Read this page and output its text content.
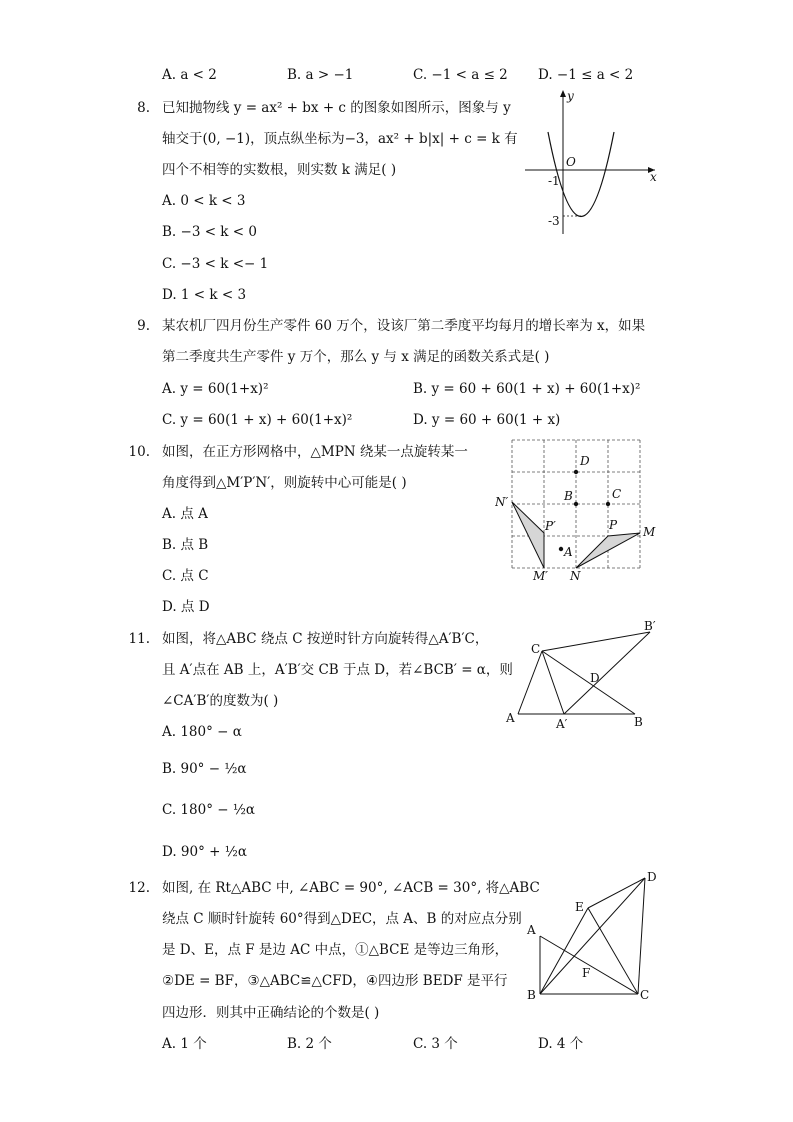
A. a < 2	B. a > −1	C. −1 < a ≤ 2 D. −1 ≤ a < 2
8. 已知抛物线 y = ax² + bx + c 的图象如图所示，图象与 y
轴交于(0, −1)，顶点纵坐标为−3，ax² + b|x| + c = k 有
四个不相等的实数根，则实数 k 满足( )
A. 0 < k < 3
B. −3 < k < 0
C. −3 < k <− 1
D. 1 < k < 3
y
x
O
-1
-3
9. 某农机厂四月份生产零件 60 万个，设该厂第二季度平均每月的增长率为 x，如果
第二季度共生产零件 y 万个，那么 y 与 x 满足的函数关系式是( )
A. y = 60(1+x)²	B. y = 60 + 60(1 + x) + 60(1+x)²
C. y = 60(1 + x) + 60(1+x)²	D. y = 60 + 60(1 + x)
10. 如图，在正方形网格中，△MPN 绕某一点旋转某一
角度得到△M′P′N′，则旋转中心可能是( )
A. 点 A
B. 点 B
C. 点 C
D. 点 D
D
B	C
N′
P′	P M
A
M′ N
11. 如图，将△ABC 绕点 C 按逆时针方向旋转得△A′B′C，
且 A′点在 AB 上，A′B′交 CB 于点 D，若∠BCB′ = α，则
∠CA′B′的度数为( )
A. 180° − α
B. 90° − ½α
C. 180° − ½α
D. 90° + ½α
C
B′
D
A	A′	B
12. 如图, 在 Rt△ABC 中, ∠ABC = 90°, ∠ACB = 30°, 将△ABC
绕点 C 顺时针旋转 60°得到△DEC，点 A、B 的对应点分别
是 D、E，点 F 是边 AC 中点，①△BCE 是等边三角形，
②DE = BF，③△ABC≌△CFD，④四边形 BEDF 是平行
四边形．则其中正确结论的个数是( )
A. 1 个	B. 2 个	C. 3 个	D. 4 个
D
E
A
F
B	C
